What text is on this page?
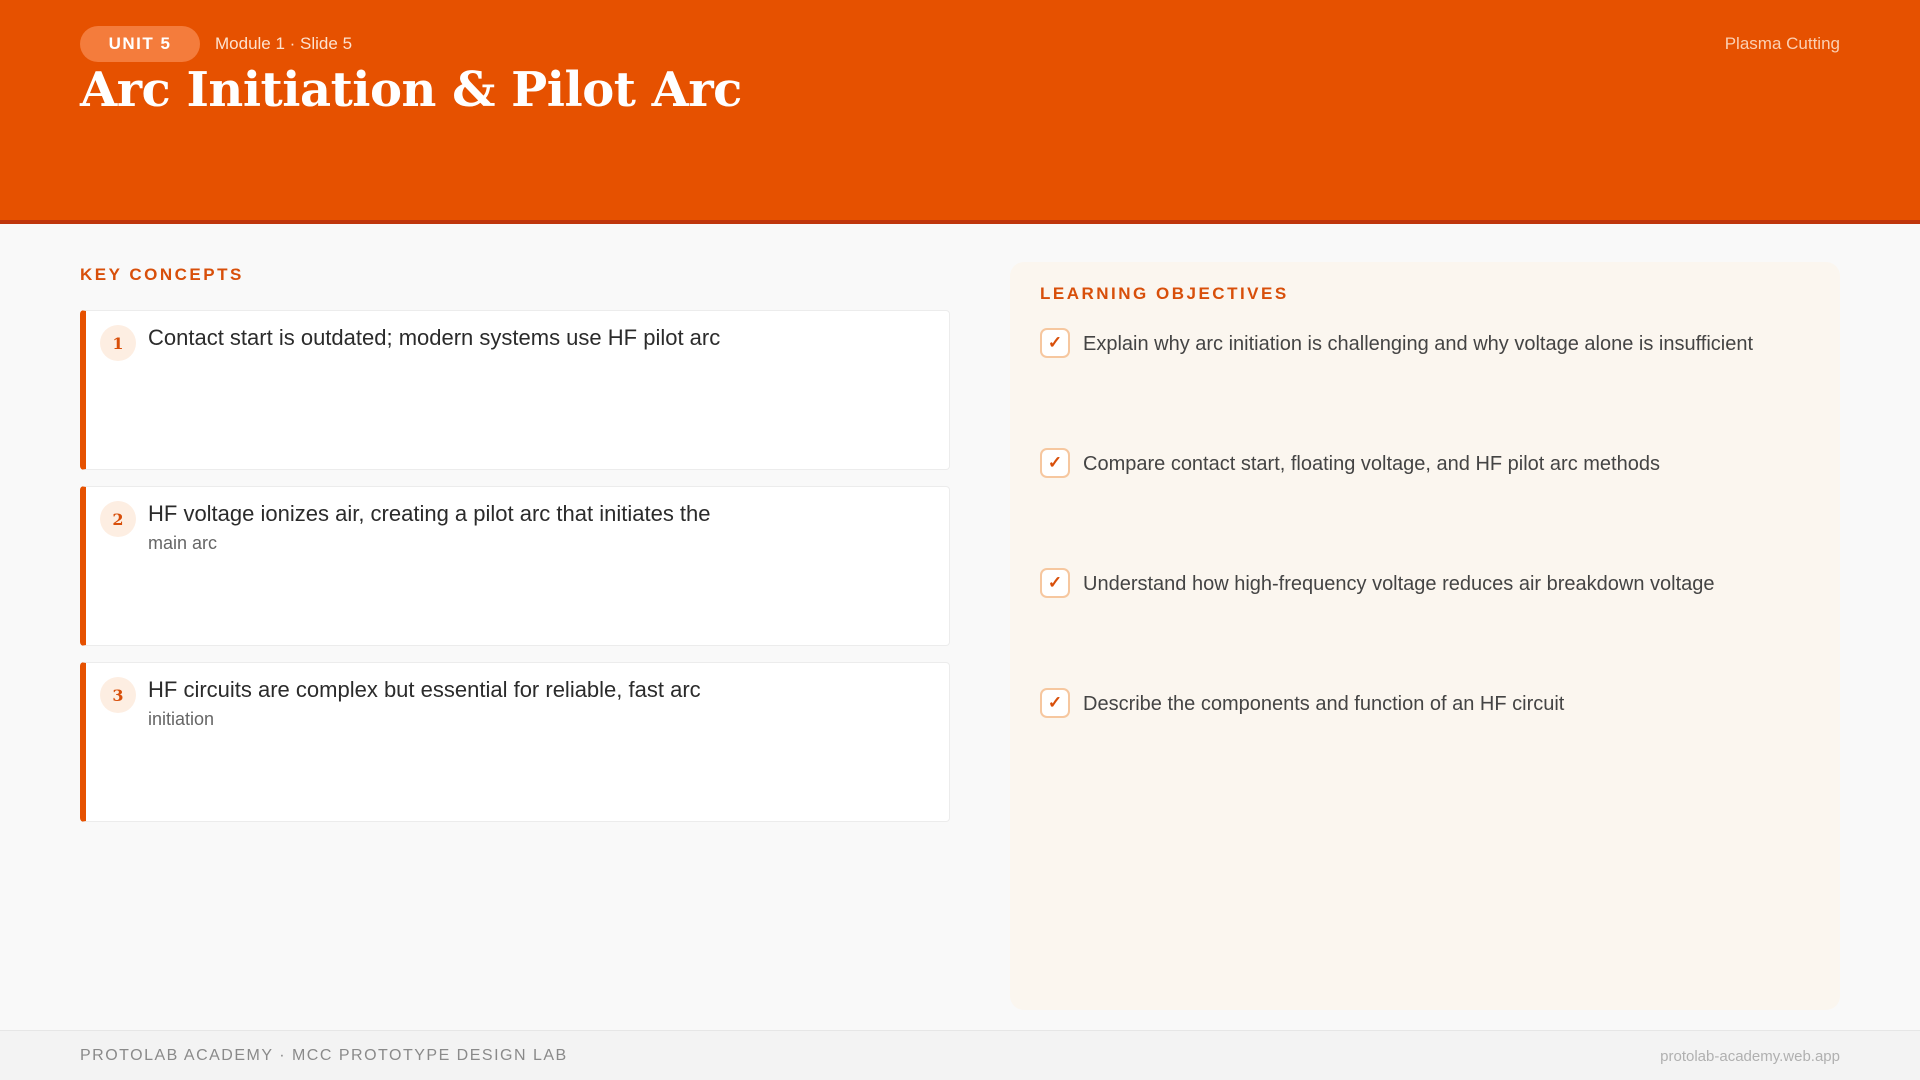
UNIT 5	Module 1 · Slide 5	Plasma Cutting
Arc Initiation & Pilot Arc
KEY CONCEPTS
1	Contact start is outdated; modern systems use HF pilot arc
2	HF voltage ionizes air, creating a pilot arc that initiates the
main arc
3	HF circuits are complex but essential for reliable, fast arc
initiation
LEARNING OBJECTIVES
✓	Explain why arc initiation is challenging and why voltage alone is insufficient
✓	Compare contact start, floating voltage, and HF pilot arc methods
✓	Understand how high-frequency voltage reduces air breakdown voltage
✓	Describe the components and function of an HF circuit
PROTOLAB ACADEMY · MCC PROTOTYPE DESIGN LAB	protolab-academy.web.app
